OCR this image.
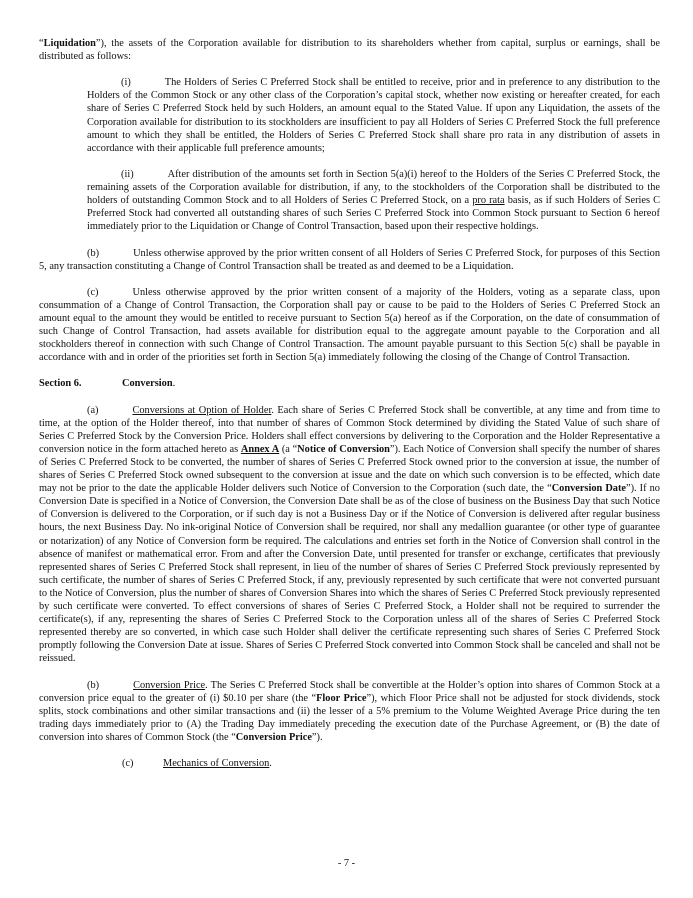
“Liquidation”), the assets of the Corporation available for distribution to its shareholders whether from capital, surplus or earnings, shall be distributed as follows:

(i)	The Holders of Series C Preferred Stock shall be entitled to receive, prior and in preference to any distribution to the Holders of the Common Stock or any other class of the Corporation’s capital stock, whether now existing or hereafter created, for each share of Series C Preferred Stock held by such Holders, an amount equal to the Stated Value. If upon any Liquidation, the assets of the Corporation available for distribution to its stockholders are insufficient to pay all Holders of Series C Preferred Stock the full preference amount to which they shall be entitled, the Holders of Series C Preferred Stock shall share pro rata in any distribution of assets in accordance with their applicable full preference amounts;

(ii)	After distribution of the amounts set forth in Section 5(a)(i) hereof to the Holders of the Series C Preferred Stock, the remaining assets of the Corporation available for distribution, if any, to the stockholders of the Corporation shall be distributed to the holders of outstanding Common Stock and to all Holders of Series C Preferred Stock, on a pro rata basis, as if such Holders of Series C Preferred Stock had converted all outstanding shares of such Series C Preferred Stock into Common Stock pursuant to Section 6 hereof immediately prior to the Liquidation or Change of Control Transaction, based upon their respective holdings.

(b)	Unless otherwise approved by the prior written consent of all Holders of Series C Preferred Stock, for purposes of this Section 5, any transaction constituting a Change of Control Transaction shall be treated as and deemed to be a Liquidation.

(c)	Unless otherwise approved by the prior written consent of a majority of the Holders, voting as a separate class, upon consummation of a Change of Control Transaction, the Corporation shall pay or cause to be paid to the Holders of Series C Preferred Stock an amount equal to the amount they would be entitled to receive pursuant to Section 5(a) hereof as if the Corporation, on the date of consummation of such Change of Control Transaction, had assets available for distribution equal to the aggregate amount payable to the Corporation and all stockholders thereof in connection with such Change of Control Transaction. The amount payable pursuant to this Section 5(c) shall be payable in accordance with and in order of the priorities set forth in Section 5(a) immediately following the closing of the Change of Control Transaction.

Section 6.	Conversion.

(a)	Conversions at Option of Holder. Each share of Series C Preferred Stock shall be convertible, at any time and from time to time, at the option of the Holder thereof, into that number of shares of Common Stock determined by dividing the Stated Value of such share of Series C Preferred Stock by the Conversion Price. Holders shall effect conversions by delivering to the Corporation and the Holder Representative a conversion notice in the form attached hereto as Annex A (a “Notice of Conversion”). Each Notice of Conversion shall specify the number of shares of Series C Preferred Stock to be converted, the number of shares of Series C Preferred Stock owned prior to the conversion at issue, the number of shares of Series C Preferred Stock owned subsequent to the conversion at issue and the date on which such conversion is to be effected, which date may not be prior to the date the applicable Holder delivers such Notice of Conversion to the Corporation (such date, the “Conversion Date”). If no Conversion Date is specified in a Notice of Conversion, the Conversion Date shall be as of the close of business on the Business Day that such Notice of Conversion is delivered to the Corporation, or if such day is not a Business Day or if the Notice of Conversion is delivered after regular business hours, the next Business Day. No ink-original Notice of Conversion shall be required, nor shall any medallion guarantee (or other type of guarantee or notarization) of any Notice of Conversion form be required. The calculations and entries set forth in the Notice of Conversion shall control in the absence of manifest or mathematical error. From and after the Conversion Date, until presented for transfer or exchange, certificates that previously represented shares of Series C Preferred Stock shall represent, in lieu of the number of shares of Series C Preferred Stock previously represented by such certificate, the number of shares of Series C Preferred Stock, if any, previously represented by such certificate that were not converted pursuant to the Notice of Conversion, plus the number of shares of Conversion Shares into which the shares of Series C Preferred Stock previously represented by such certificate were converted. To effect conversions of shares of Series C Preferred Stock, a Holder shall not be required to surrender the certificate(s), if any, representing the shares of Series C Preferred Stock to the Corporation unless all of the shares of Series C Preferred Stock represented thereby are so converted, in which case such Holder shall deliver the certificate representing such shares of Series C Preferred Stock promptly following the Conversion Date at issue. Shares of Series C Preferred Stock converted into Common Stock shall be canceled and shall not be reissued.

(b)	Conversion Price. The Series C Preferred Stock shall be convertible at the Holder’s option into shares of Common Stock at a conversion price equal to the greater of (i) $0.10 per share (the “Floor Price”), which Floor Price shall not be adjusted for stock dividends, stock splits, stock combinations and other similar transactions and (ii) the lesser of a 5% premium to the Volume Weighted Average Price during the ten trading days immediately prior to (A) the Trading Day immediately preceding the execution date of the Purchase Agreement, or (B) the date of conversion into shares of Common Stock (the “Conversion Price”).

(c)	Mechanics of Conversion.

- 7 -
